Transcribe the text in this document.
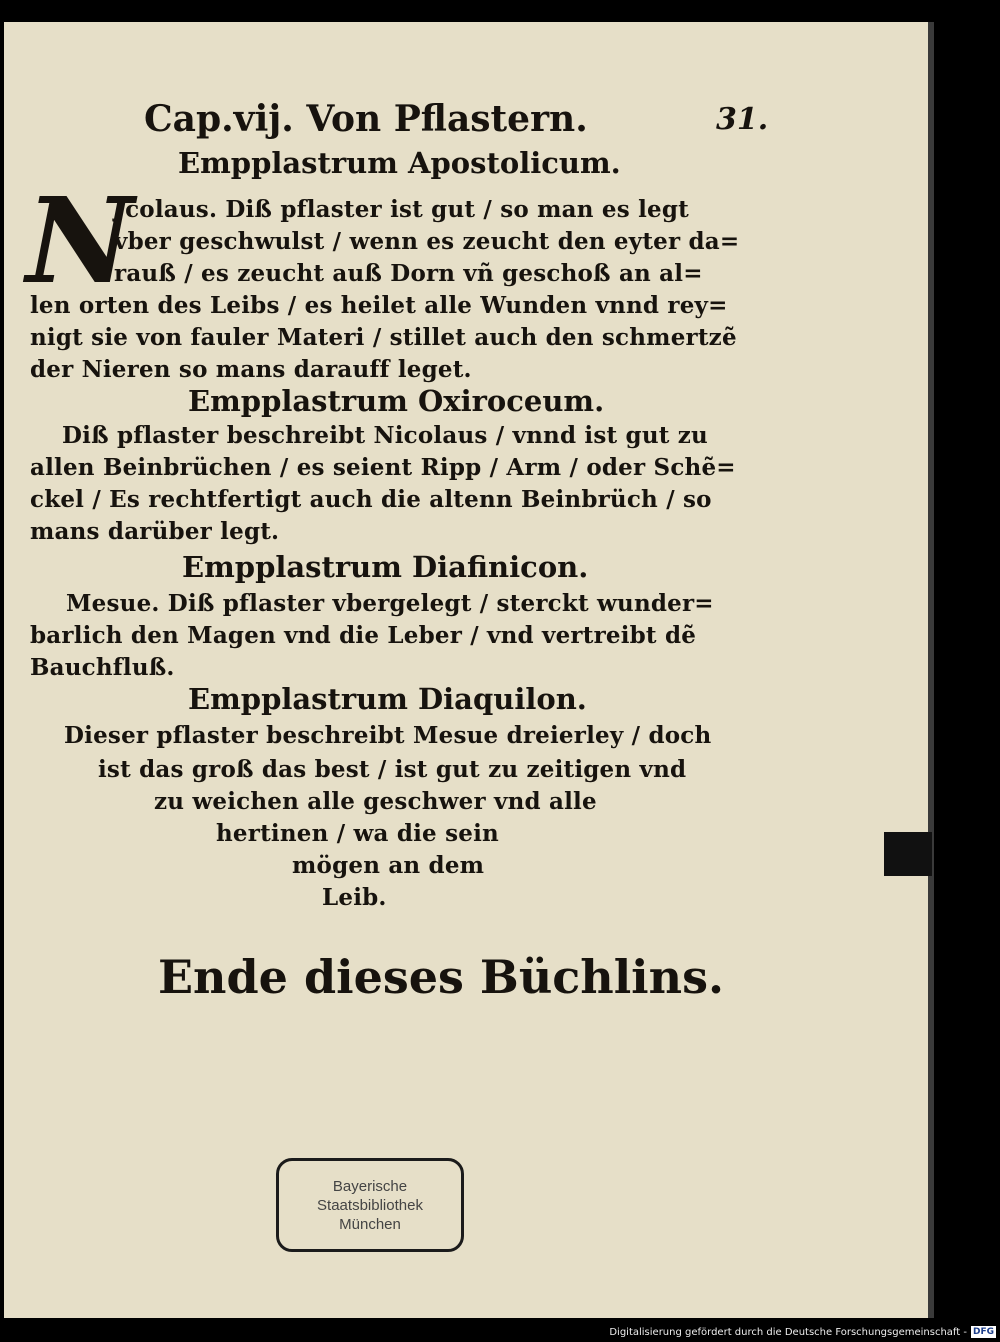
Cap.vij. Von Pflastern.	31.
Empplastrum Apostolicum.
N
Jcolaus. Diß pflaster ist gut / so man es legt
vber geschwulst / wenn es zeucht den eyter da=
rauß / es zeucht auß Dorn vñ geschoß an al=
len orten des Leibs / es heilet alle Wunden vnnd rey=
nigt sie von fauler Materi / stillet auch den schmertzẽ
der Nieren so mans darauff leget.
Empplastrum Oxiroceum.
Diß pflaster beschreibt Nicolaus / vnnd ist gut zu
allen Beinbrüchen / es seient Ripp / Arm / oder Schẽ=
ckel / Es rechtfertigt auch die altenn Beinbrüch / so
mans darüber legt.
Empplastrum Diafinicon.
Mesue. Diß pflaster vbergelegt / sterckt wunder=
barlich den Magen vnd die Leber / vnd vertreibt dẽ
Bauchfluß.
Empplastrum Diaquilon.
Dieser pflaster beschreibt Mesue dreierley / doch
ist das groß das best / ist gut zu zeitigen vnd
zu weichen alle geschwer vnd alle
hertinen / wa die sein
mögen an dem
Leib.
Ende dieses Büchlins.
Bayerische
Staatsbibliothek
München
Digitalisierung gefördert durch die Deutsche Forschungsgemeinschaft - DFG
